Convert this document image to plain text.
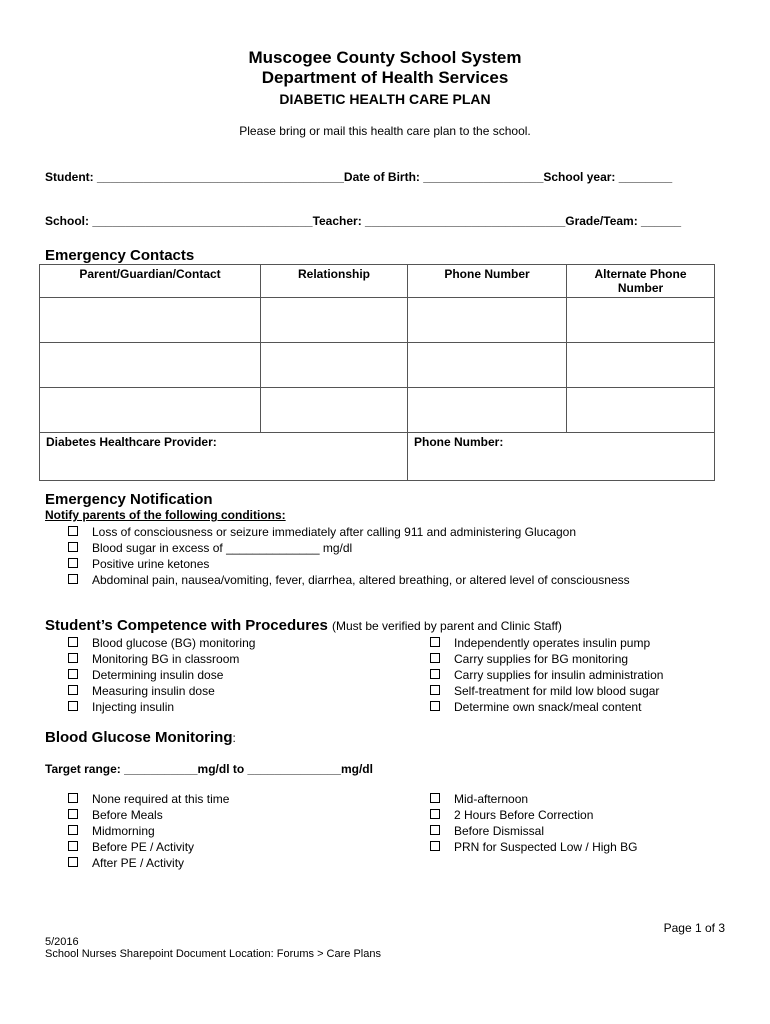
Muscogee County School System
Department of Health Services
DIABETIC HEALTH CARE PLAN
Please bring or mail this health care plan to the school.
Student: _____________________________________Date of Birth: __________________School year: ________
School: _________________________________Teacher: ______________________________Grade/Team: ______
Emergency Contacts
Parent/Guardian/Contact	Relationship	Phone Number	Alternate Phone Number

Diabetes Healthcare Provider:		Phone Number:	
Emergency Notification
Notify parents of the following conditions:
Loss of consciousness or seizure immediately after calling 911 and administering Glucagon
Blood sugar in excess of ______________ mg/dl
Positive urine ketones
Abdominal pain, nausea/vomiting, fever, diarrhea, altered breathing, or altered level of consciousness
Student’s Competence with Procedures (Must be verified by parent and Clinic Staff)
Blood glucose (BG) monitoring
Monitoring BG in classroom
Determining insulin dose
Measuring insulin dose
Injecting insulin
Independently operates insulin pump
Carry supplies for BG monitoring
Carry supplies for insulin administration
Self-treatment for mild low blood sugar
Determine own snack/meal content
Blood Glucose Monitoring:
Target range: ___________mg/dl to ______________mg/dl
None required at this time
Before Meals
Midmorning
Before PE / Activity
After PE / Activity
Mid-afternoon
2 Hours Before Correction
Before Dismissal
PRN for Suspected Low / High BG
Page 1 of 3
5/2016
School Nurses Sharepoint Document Location: Forums > Care Plans
